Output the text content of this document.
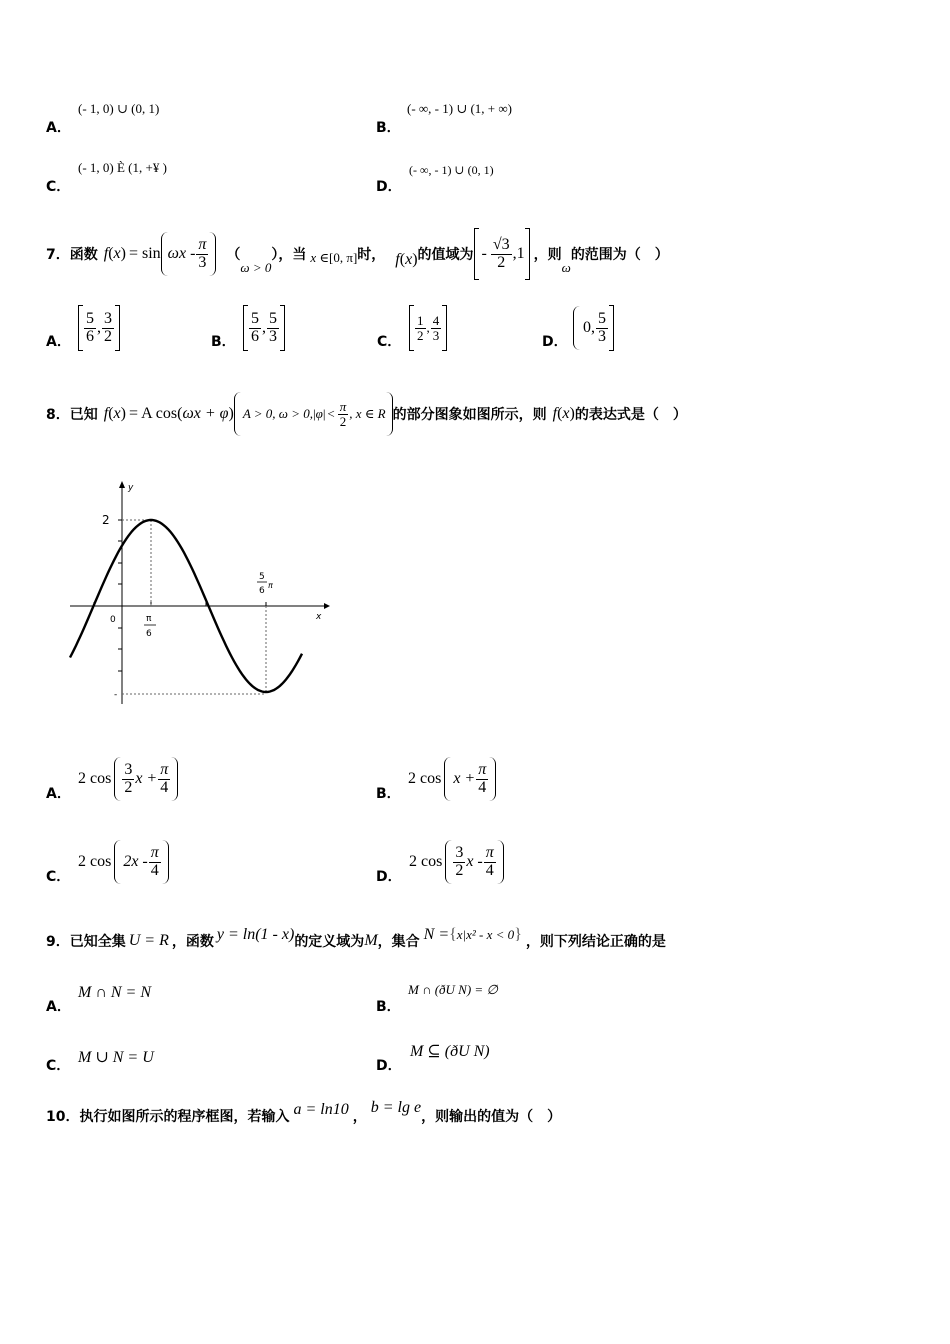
A．
(- 1, 0) ∪ (0, 1)
B．
(- ∞, - 1) ∪ (1, + ∞)
C．
(- 1, 0) È (1, +¥ )
D．
(- ∞, - 1) ∪ (0, 1)
7． 函数 f ( x ) = sin ωx - $\frac{\pi}{3}$ （
ω > 0
），当 x ∈ [ 0, π ] 时， f ( x ) 的值域为 - $\frac{√3}{2} ,1$ ，则
ω
的范围为（　）
A． $\frac{5}{6}$ , $\frac{3}{2}$	B． $\frac{5}{6}$ , $\frac{5}{3}$	C． $\frac{1}{2}$ , $\frac{4}{3}$	D．
0, $\frac{5}{3}$
8． 已知 f ( x ) = A cos ( ωx + φ ) A > 0, ω > 0, | φ | < $\frac{\pi}{2}$ , x ∈ R 的部分图象如图所示，则 f ( x ) 的表达式是（　）
y
x
0
2
π
6
5
6
π
-
A．
2 $\cos \frac{3}{2}$ $x + \frac{\pi}{4}$	B．
2 $\cos x + \frac{\pi}{4}$
C．
2 $\cos 2x - \frac{\pi}{4}$	D．
2 $\cos \frac{3}{2}$ x - $\frac{\pi}{4}$
9． 已知全集 U = R ，函数 y = ln(1 - x) 的定义域为 M ，集合 N = { x|x² - x < 0 } ，则下列结论正确的是
A．
M ∩ N = N
B．
M ∩ (ðU N) = ∅
C． M ∪ N = U	D．
M ⊆ (ðU N)
10． 执行如图所示的程序框图，若输入 a = ln10 ，
b = lg e
，则输出的值为（　）
